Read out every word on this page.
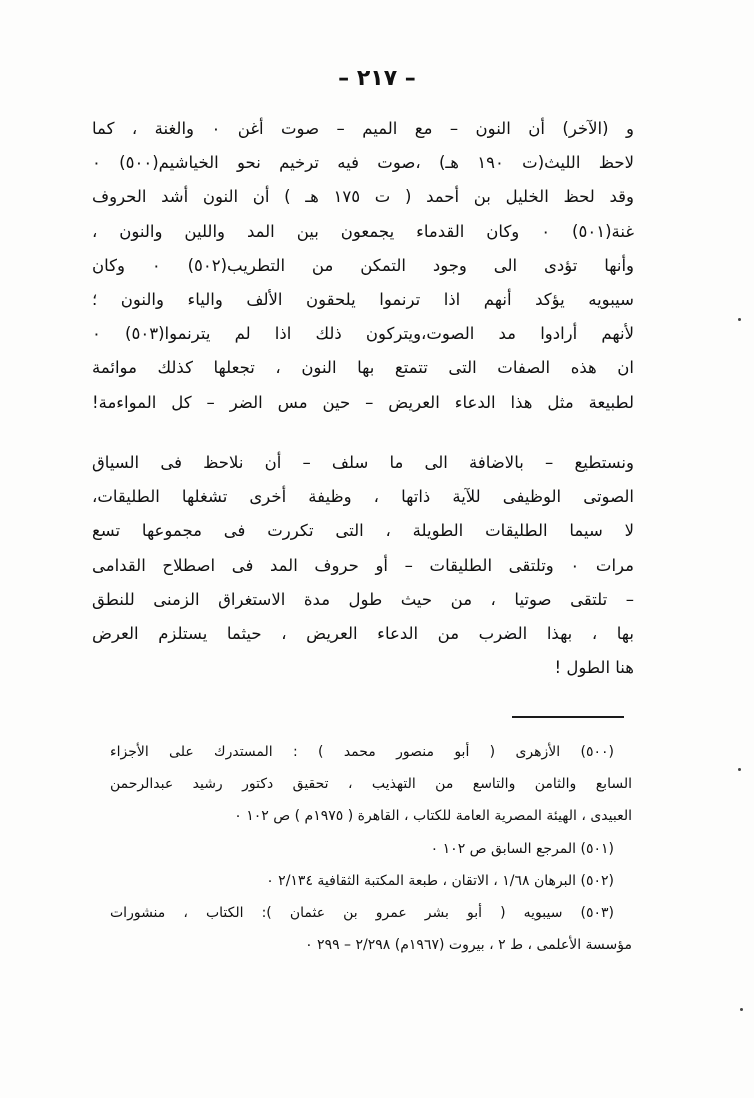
– ٢١٧ –
و (الآخر) أن النون – مع الميم – صوت أغن ٠ والغنة ، كما
لاحظ الليث(ت ١٩٠ هـ) ،صوت فيه ترخيم نحو الخياشيم(٥٠٠) ٠
وقد لحظ الخليل بن أحمد ( ت ١٧٥ هـ ) أن النون أشد الحروف
غنة(٥٠١) ٠ وكان القدماء يجمعون بين المد واللين والنون ،
وأنها تؤدى الى وجود التمكن من التطريب(٥٠٢) ٠ وكان
سيبويه يؤكد أنهم اذا ترنموا يلحقون الألف والياء والنون ؛
لأنهم أرادوا مد الصوت،ويتركون ذلك اذا لم يترنموا(٥٠٣) ٠
ان هذه الصفات التى تتمتع بها النون ، تجعلها كذلك موائمة
لطبيعة مثل هذا الدعاء العريض – حين مس الضر – كل المواءمة!
ونستطيع – بالاضافة الى ما سلف – أن نلاحظ فى السياق
الصوتى الوظيفى للآية ذاتها ، وظيفة أخرى تشغلها الطليقات،
لا سيما الطليقات الطويلة ، التى تكررت فى مجموعها تسع
مرات ٠ وتلتقى الطليقات – أو حروف المد فى اصطلاح القدامى
– تلتقى صوتيا ، من حيث طول مدة الاستغراق الزمنى للنطق
بها ، بهذا الضرب من الدعاء العريض ، حيثما يستلزم العرض
هنا الطول !
(٥٠٠) الأزهرى ( أبو منصور محمد ) : المستدرك على الأجزاء
السابع والثامن والتاسع من التهذيب ، تحقيق دكتور رشيد عبدالرحمن
العبيدى ، الهيئة المصرية العامة للكتاب ، القاهرة ( ١٩٧٥م ) ص ١٠٢ ٠
(٥٠١) المرجع السابق ص ١٠٢ ٠
(٥٠٢) البرهان ١/٦٨ ، الاتقان ، طبعة المكتبة الثقافية ٢/١٣٤ ٠
(٥٠٣) سيبويه ( أبو بشر عمرو بن عثمان ): الكتاب ، منشورات
مؤسسة الأعلمى ، ط ٢ ، بيروت (١٩٦٧م) ٢/٢٩٨ – ٢٩٩ ٠
